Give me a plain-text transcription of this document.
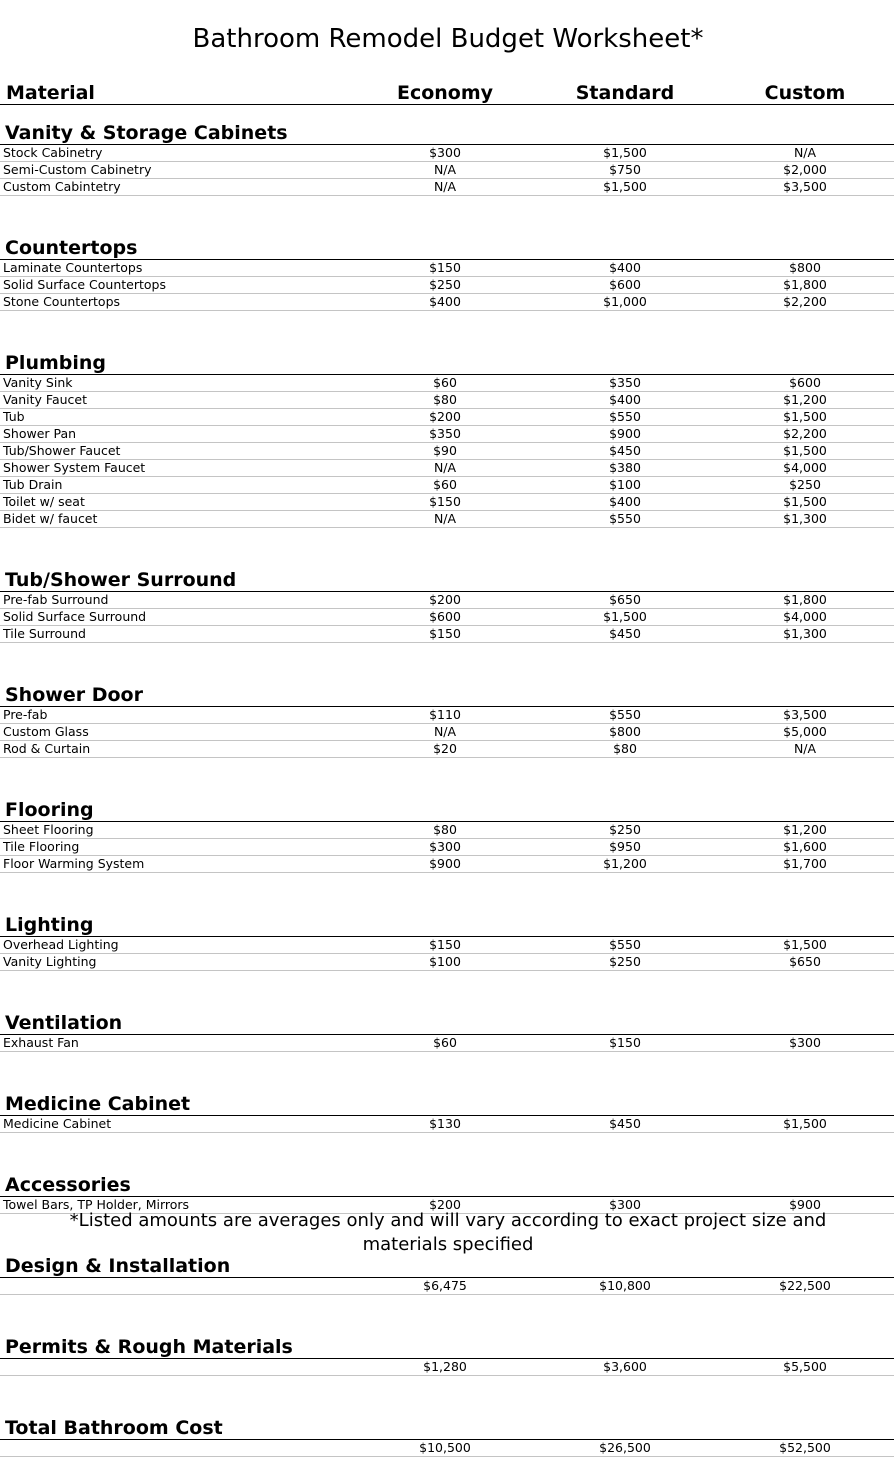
Bathroom Remodel Budget Worksheet*
Material	Economy	Standard	Custom
Vanity & Storage Cabinets
Stock Cabinetry	$300	$1,500	N/A
Semi-Custom Cabinetry	N/A	$750	$2,000
Custom Cabintetry	N/A	$1,500	$3,500
Countertops
Laminate Countertops	$150	$400	$800
Solid Surface Countertops	$250	$600	$1,800
Stone Countertops	$400	$1,000	$2,200
Plumbing
Vanity Sink	$60	$350	$600
Vanity Faucet	$80	$400	$1,200
Tub	$200	$550	$1,500
Shower Pan	$350	$900	$2,200
Tub/Shower Faucet	$90	$450	$1,500
Shower System Faucet	N/A	$380	$4,000
Tub Drain	$60	$100	$250
Toilet w/ seat	$150	$400	$1,500
Bidet w/ faucet	N/A	$550	$1,300
Tub/Shower Surround
Pre-fab Surround	$200	$650	$1,800
Solid Surface Surround	$600	$1,500	$4,000
Tile Surround	$150	$450	$1,300
Shower Door
Pre-fab	$110	$550	$3,500
Custom Glass	N/A	$800	$5,000
Rod & Curtain	$20	$80	N/A
Flooring
Sheet Flooring	$80	$250	$1,200
Tile Flooring	$300	$950	$1,600
Floor Warming System	$900	$1,200	$1,700
Lighting
Overhead Lighting	$150	$550	$1,500
Vanity Lighting	$100	$250	$650
Ventilation
Exhaust Fan	$60	$150	$300
Medicine Cabinet
Medicine Cabinet	$130	$450	$1,500
Accessories
Towel Bars, TP Holder, Mirrors	$200	$300	$900
Design & Installation
$6,475	$10,800	$22,500
Permits & Rough Materials
$1,280	$3,600	$5,500
Total Bathroom Cost
$10,500	$26,500	$52,500
*Listed amounts are averages only and will vary according to exact project size and materials specified
